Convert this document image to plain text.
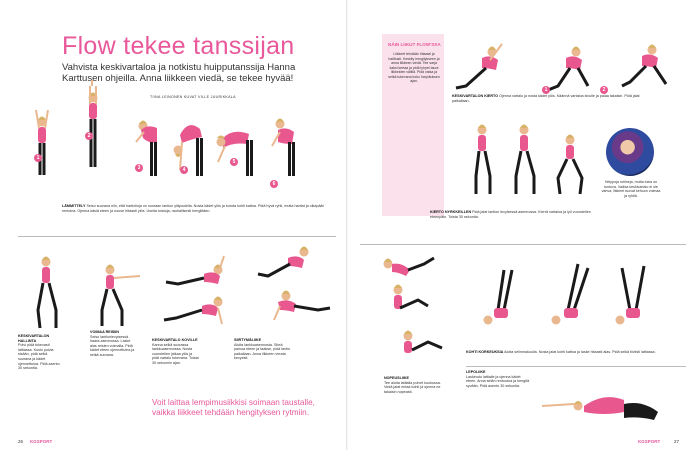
Flow tekee tanssijan
Vahvista keskivartaloa ja notkistu huipputanssija Hanna Karttusen ohjeilla. Anna liikkeen viedä, se tekee hyvää!
TIINA LEINONEN KUVAT VILLE JUURIKKALA
1
2
3	4
5
6
LÄMMITTELY Seiso suorana niin, että hartiolinja on suoraan lantion yläpuolella. Nosta kädet ylös ja kurota kohti kattoa. Pidä hyvä ryhti, mutta hartiat ja olkapäät rentoina. Ojenna käsiä eteen ja nouse hitaasti ylös. Useita toistoja, rauhallisesti hengittäen.
KESKIVARTALON HALLINTA
Polvi pidä tukevasti lattiassa. Kouki polvia sisään, pidä selkä suorana ja kädet ojennettuina. Pidä asento 30 sekuntia.
VOIMAA REISIIN
Seiso lantionlevyisessä haara-asennossa. Laske alas reisien voimalla. Pidä kädet eteen ojennettuina ja selkä suorana.
KESKIVARTALO KOVILLE
Kanna selkä suorassa lankkuasennossa. Nosta vuorotellen jalkaa ylös ja pidä vartalo tukevana. Toista 30 sekunnin ajan.
SIIRTYMÄLIIKE
Aloita lankkuasennosta. Siirrä painoa eteen ja taakse, pidä lantio paikallaan. Anna liikkeen virrata kevyesti.
Voit laittaa lempimusiikkisi soimaan taustalle, vaikka liikkeet tehdään hengityksen rytmiin.
26 KGSPORT
NÄIN LIIKUT FLOW'SSA
Liikkeet tehdään hitaasti ja hallitusti. Keskity hengitykseen ja anna liikkeen viedä. Tee sarja kaksi kertaa ja pidä lyhyet tauot liikkeiden välillä. Pidä vatsa ja selkä tukevana koko harjoituksen ajan.
1	2
KESKIVARTALON KIERTO Ojenna vartalo ja nosta kädet ylös. Käännä vartaloa sivulle ja palaa takaisin. Pidä jalat paikallaan.
Helppoja rutiineja, mutta tulos on tuntuva. Vaikka keskivartalo ei ole vahva, liikkeet tuovat kehoon voimaa ja ryhtiä.
KIERTO NYRKKEILLEN Pidä jalat lantion levyisessä asennossa. Kierrä vartaloa ja lyö vuorotellen eteenpäin. Toista 30 sekuntia.
NOPEUSLIIKE
Tee aloita lattialla polvet koukussa. Vedä jalat rintaa kohti ja ojenna ne takaisin nopeasti.
KOHTI KORKEUKSIA Aloita selinmakuulla. Nosta jalat kohti kattoa ja laske hitaasti alas. Pidä selkä tiiviisti lattiassa.
LEPOLIIKE
Laskeudu lattialle ja ojenna kädet eteen. Anna selän rentoutua ja hengitä syvään. Pidä asento 30 sekuntia.
KGSPORT	27
